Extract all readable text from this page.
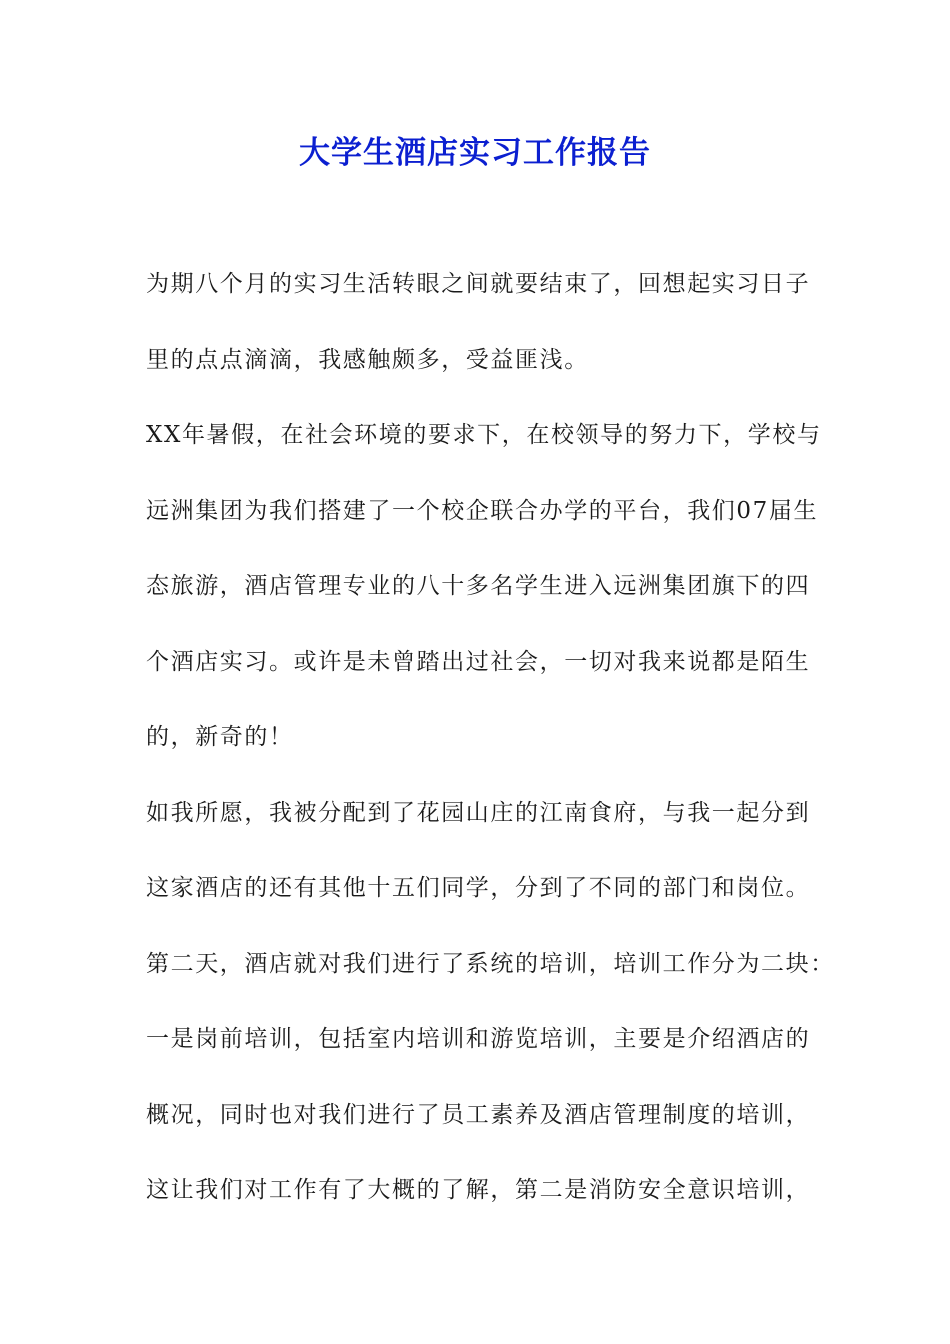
大学生酒店实习工作报告
为期八个月的实习生活转眼之间就要结束了，回想起实习日子
里的点点滴滴，我感触颇多，受益匪浅。
XX年暑假，在社会环境的要求下，在校领导的努力下，学校与
远洲集团为我们搭建了一个校企联合办学的平台，我们07届生
态旅游，酒店管理专业的八十多名学生进入远洲集团旗下的四
个酒店实习。或许是未曾踏出过社会，一切对我来说都是陌生
的，新奇的！
如我所愿，我被分配到了花园山庄的江南食府，与我一起分到
这家酒店的还有其他十五们同学，分到了不同的部门和岗位。
第二天，酒店就对我们进行了系统的培训，培训工作分为二块：
一是岗前培训，包括室内培训和游览培训，主要是介绍酒店的
概况，同时也对我们进行了员工素养及酒店管理制度的培训，
这让我们对工作有了大概的了解，第二是消防安全意识培训，
